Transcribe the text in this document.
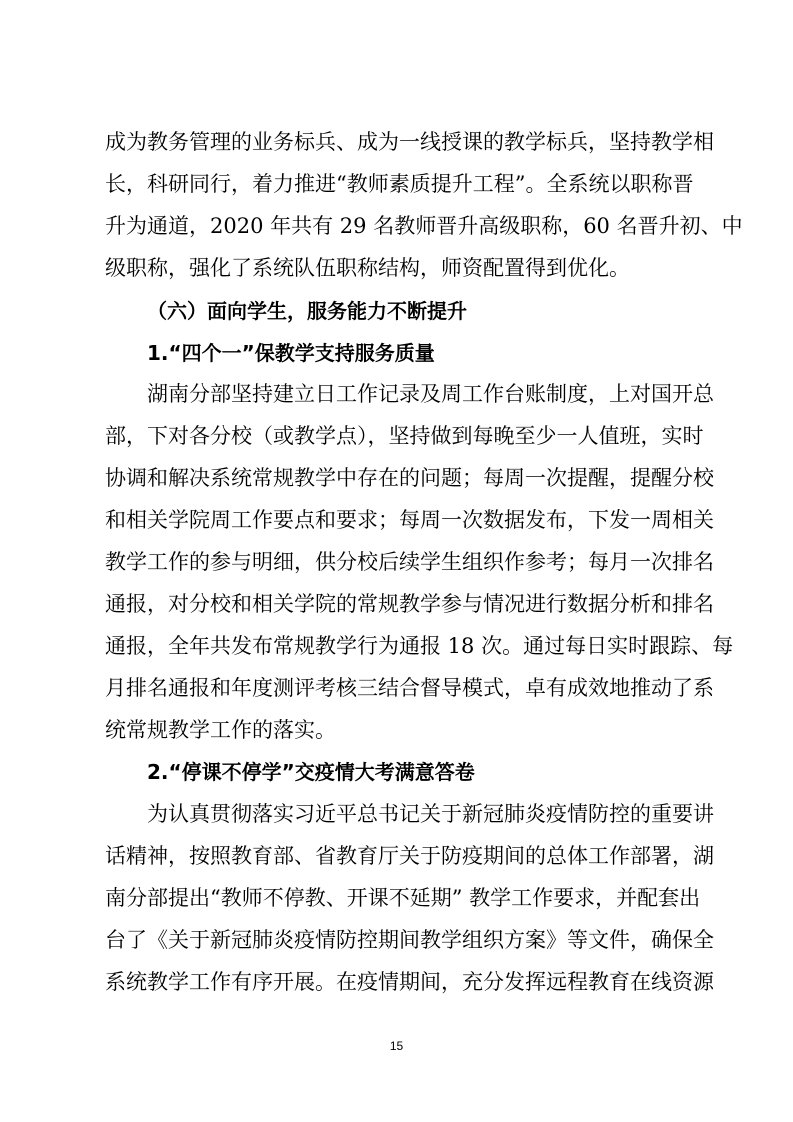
成为教务管理的业务标兵、成为一线授课的教学标兵，坚持教学相
长，科研同行，着力推进“教师素质提升工程”。全系统以职称晋
升为通道，2020 年共有 29 名教师晋升高级职称，60 名晋升初、中
级职称，强化了系统队伍职称结构，师资配置得到优化。
（六）面向学生，服务能力不断提升
1.“四个一”保教学支持服务质量
湖南分部坚持建立日工作记录及周工作台账制度，上对国开总
部，下对各分校（或教学点），坚持做到每晚至少一人值班，实时
协调和解决系统常规教学中存在的问题；每周一次提醒，提醒分校
和相关学院周工作要点和要求；每周一次数据发布，下发一周相关
教学工作的参与明细，供分校后续学生组织作参考；每月一次排名
通报，对分校和相关学院的常规教学参与情况进行数据分析和排名
通报，全年共发布常规教学行为通报 18 次。通过每日实时跟踪、每
月排名通报和年度测评考核三结合督导模式，卓有成效地推动了系
统常规教学工作的落实。
2.“停课不停学”交疫情大考满意答卷
为认真贯彻落实习近平总书记关于新冠肺炎疫情防控的重要讲
话精神，按照教育部、省教育厅关于防疫期间的总体工作部署，湖
南分部提出“教师不停教、开课不延期” 教学工作要求，并配套出
台了《关于新冠肺炎疫情防控期间教学组织方案》等文件，确保全
系统教学工作有序开展。在疫情期间，充分发挥远程教育在线资源
15
